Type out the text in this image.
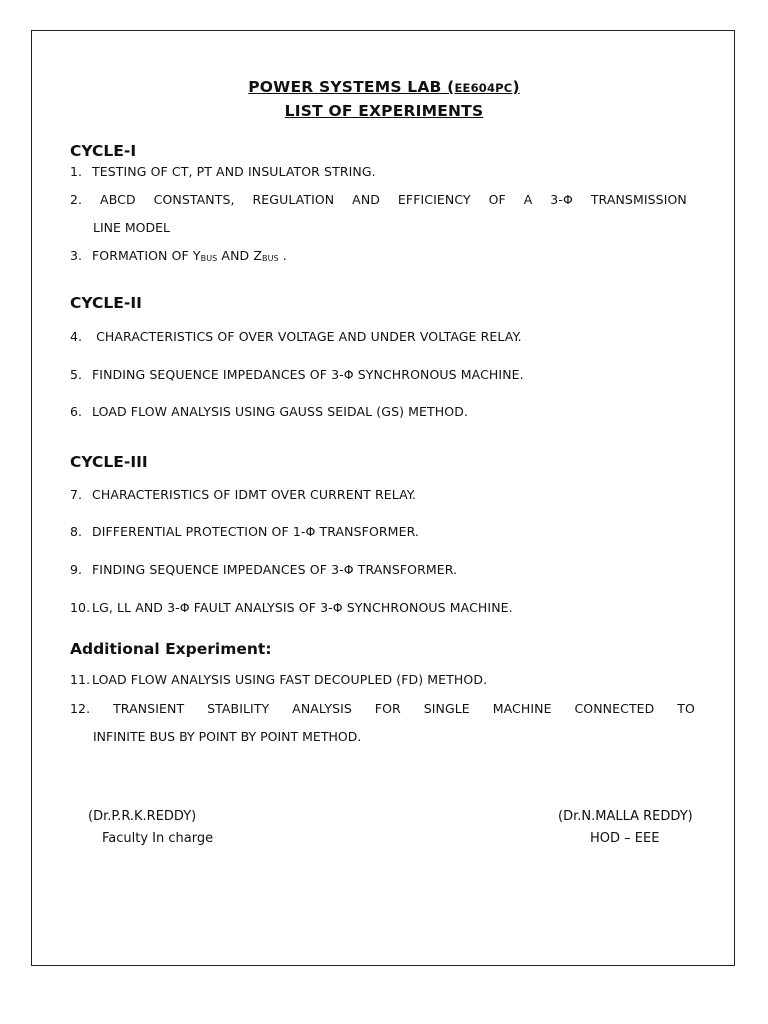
POWER SYSTEMS LAB (EE604PC)
LIST OF EXPERIMENTS
CYCLE-I
1. TESTING OF CT, PT AND INSULATOR STRING.
2. ABCD CONSTANTS, REGULATION AND EFFICIENCY OF A 3-Φ TRANSMISSION
LINE MODEL
3. FORMATION OF YBUS AND ZBUS .
CYCLE-II
4. CHARACTERISTICS OF OVER VOLTAGE AND UNDER VOLTAGE RELAY.
5. FINDING SEQUENCE IMPEDANCES OF 3-Φ SYNCHRONOUS MACHINE.
6. LOAD FLOW ANALYSIS USING GAUSS SEIDAL (GS) METHOD.
CYCLE-III
7. CHARACTERISTICS OF IDMT OVER CURRENT RELAY.
8. DIFFERENTIAL PROTECTION OF 1-Φ TRANSFORMER.
9. FINDING SEQUENCE IMPEDANCES OF 3-Φ TRANSFORMER.
10. LG, LL AND 3-Φ FAULT ANALYSIS OF 3-Φ SYNCHRONOUS MACHINE.
Additional Experiment:
11. LOAD FLOW ANALYSIS USING FAST DECOUPLED (FD) METHOD.
12. TRANSIENT STABILITY ANALYSIS FOR SINGLE MACHINE CONNECTED TO
INFINITE BUS BY POINT BY POINT METHOD.
(Dr.P.R.K.REDDY)
Faculty In charge
(Dr.N.MALLA REDDY)
HOD – EEE
